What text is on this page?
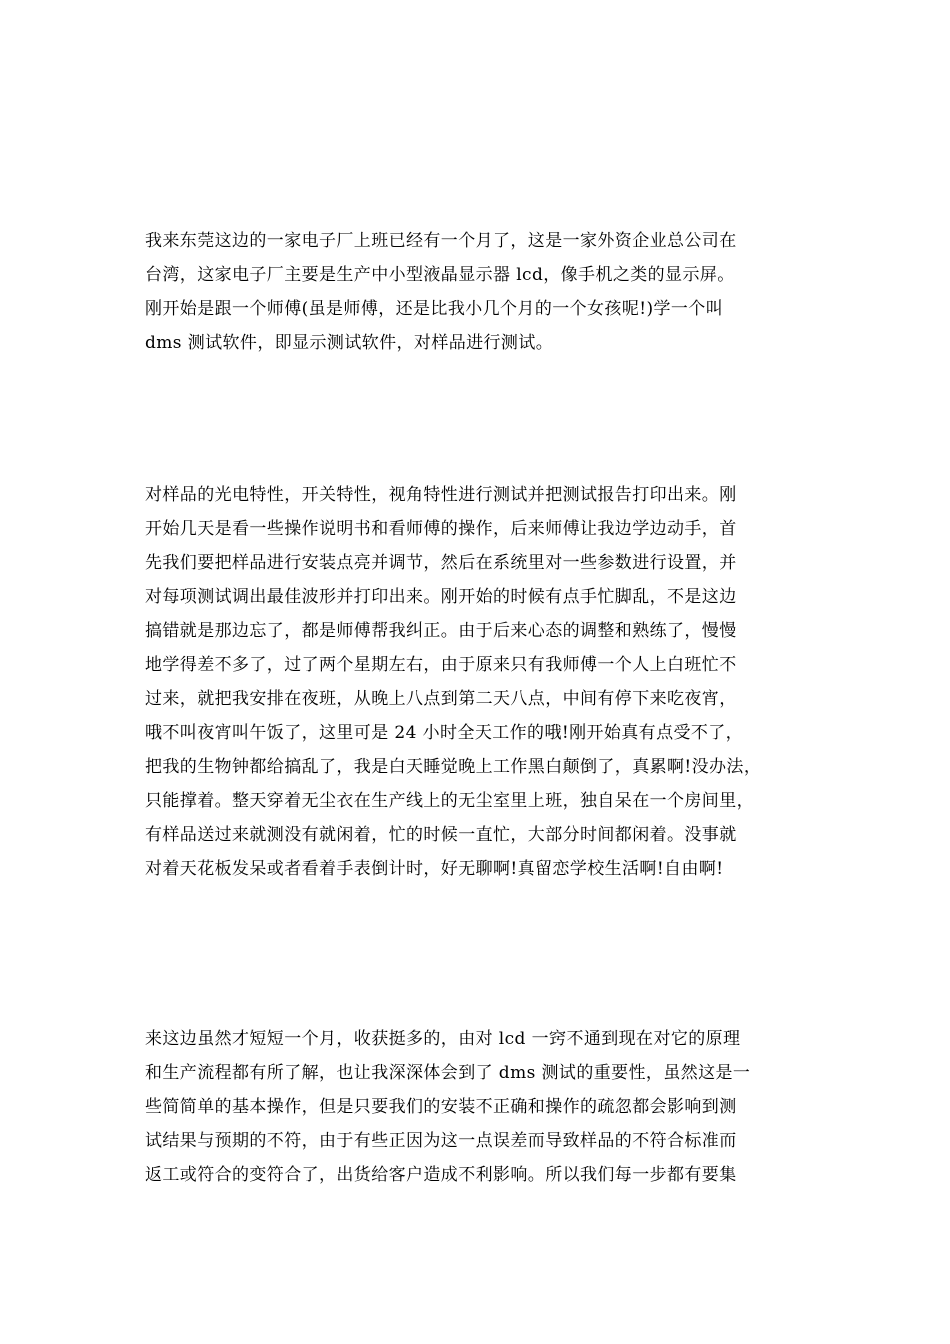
我来东莞这边的一家电子厂上班已经有一个月了，这是一家外资企业总公司在
台湾，这家电子厂主要是生产中小型液晶显示器 lcd，像手机之类的显示屏。
刚开始是跟一个师傅(虽是师傅，还是比我小几个月的一个女孩呢!)学一个叫
dms 测试软件，即显示测试软件，对样品进行测试。
对样品的光电特性，开关特性，视角特性进行测试并把测试报告打印出来。刚
开始几天是看一些操作说明书和看师傅的操作，后来师傅让我边学边动手，首
先我们要把样品进行安装点亮并调节，然后在系统里对一些参数进行设置，并
对每项测试调出最佳波形并打印出来。刚开始的时候有点手忙脚乱，不是这边
搞错就是那边忘了，都是师傅帮我纠正。由于后来心态的调整和熟练了，慢慢
地学得差不多了，过了两个星期左右，由于原来只有我师傅一个人上白班忙不
过来，就把我安排在夜班，从晚上八点到第二天八点，中间有停下来吃夜宵，
哦不叫夜宵叫午饭了，这里可是 24 小时全天工作的哦!刚开始真有点受不了，
把我的生物钟都给搞乱了，我是白天睡觉晚上工作黑白颠倒了，真累啊!没办法，
只能撑着。整天穿着无尘衣在生产线上的无尘室里上班，独自呆在一个房间里，
有样品送过来就测没有就闲着，忙的时候一直忙，大部分时间都闲着。没事就
对着天花板发呆或者看着手表倒计时，好无聊啊!真留恋学校生活啊!自由啊!
来这边虽然才短短一个月，收获挺多的，由对 lcd 一窍不通到现在对它的原理
和生产流程都有所了解，也让我深深体会到了 dms 测试的重要性，虽然这是一
些简简单的基本操作，但是只要我们的安装不正确和操作的疏忽都会影响到测
试结果与预期的不符，由于有些正因为这一点误差而导致样品的不符合标准而
返工或符合的变符合了，出货给客户造成不利影响。所以我们每一步都有要集
